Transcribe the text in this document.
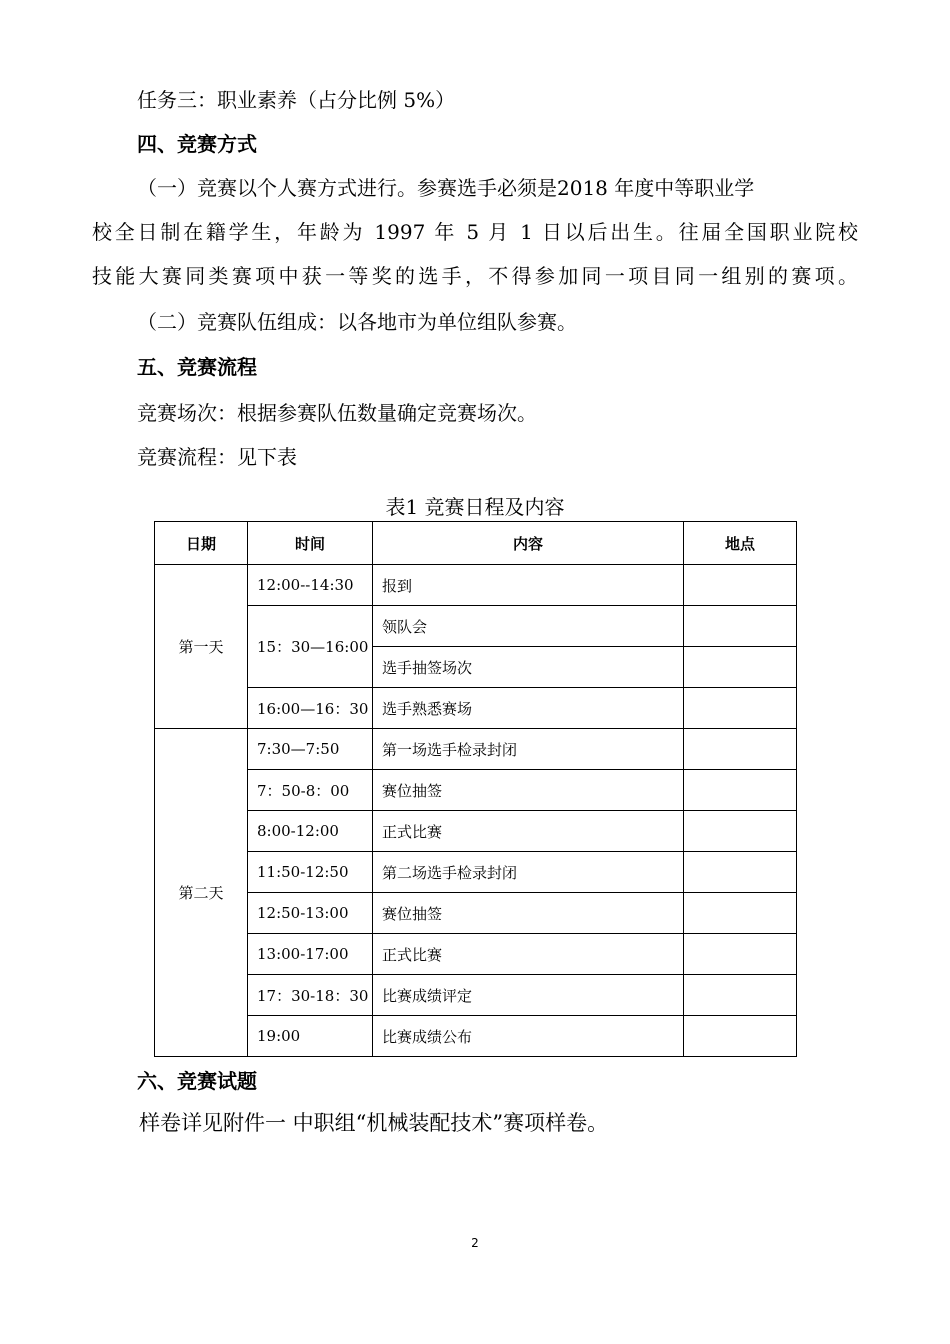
任务三：职业素养（占分比例 5%）
四、竞赛方式
（一）竞赛以个人赛方式进行。参赛选手必须是2018 年度中等职业学
校全日制在籍学生，年龄为 1997 年 5 月 1 日以后出生。往届全国职业院校
技能大赛同类赛项中获一等奖的选手，不得参加同一项目同一组别的赛项。
（二）竞赛队伍组成：以各地市为单位组队参赛。
五、竞赛流程
竞赛场次：根据参赛队伍数量确定竞赛场次。
竞赛流程：见下表
表1 竞赛日程及内容
日期	时间	内容	地点
第一天	12:00--14:30	报到	
	15：30—16:00	领队会	
		选手抽签场次	
	16:00—16：30	选手熟悉赛场	
第二天	7:30—7:50	第一场选手检录封闭	
	7：50-8：00	赛位抽签	
	8:00-12:00	正式比赛	
	11:50-12:50	第二场选手检录封闭	
	12:50-13:00	赛位抽签	
	13:00-17:00	正式比赛	
	17：30-18：30	比赛成绩评定	
	19:00	比赛成绩公布	
六、竞赛试题
样卷详见附件一 中职组“机械装配技术”赛项样卷。
2
